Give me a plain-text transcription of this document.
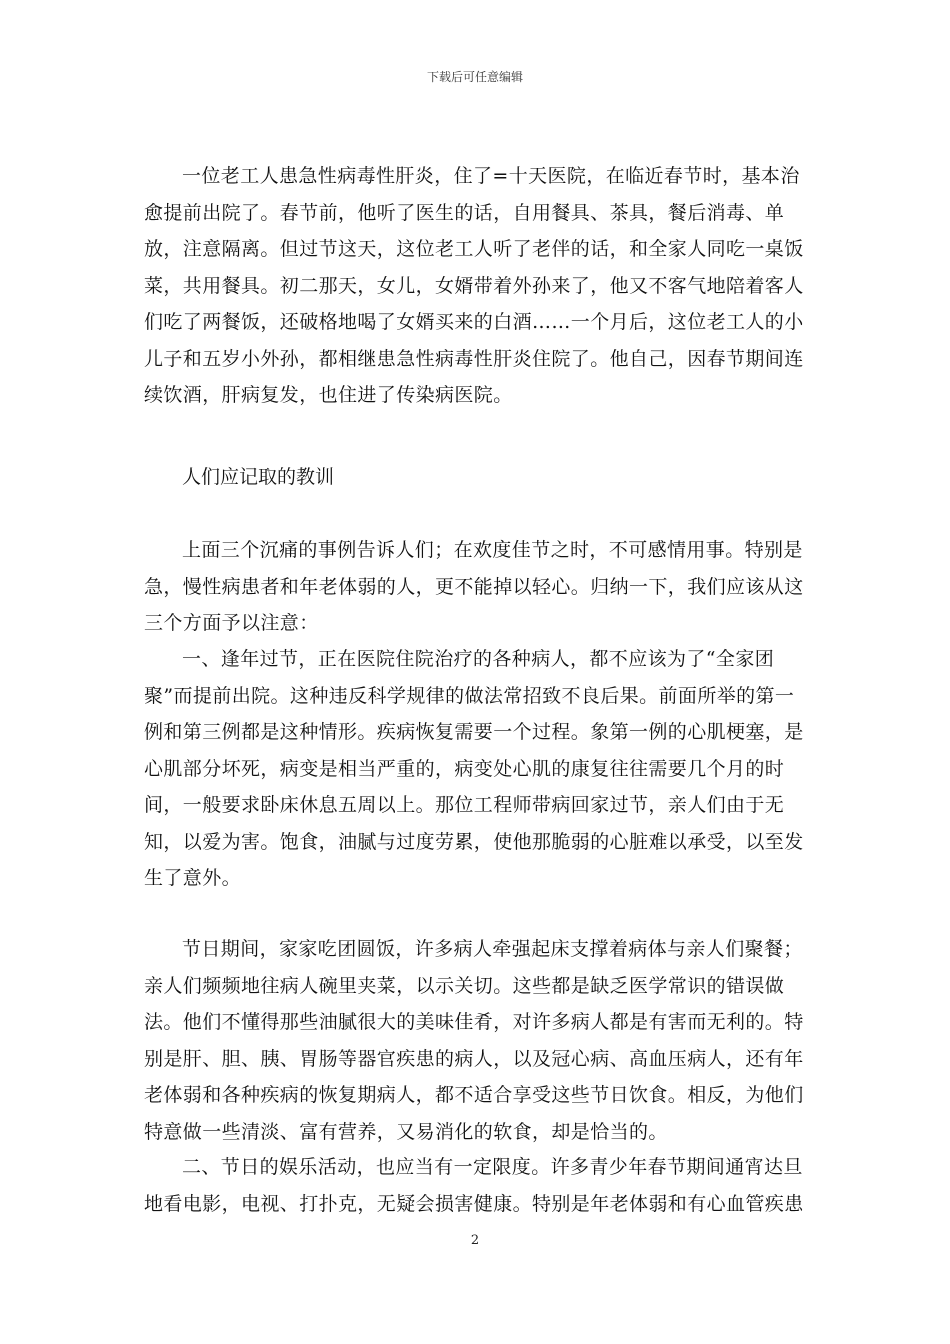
下载后可任意编辑

一位老工人患急性病毒性肝炎，住了=十天医院，在临近春节时，基本治愈提前出院了。春节前，他听了医生的话，自用餐具、茶具，餐后消毒、单放，注意隔离。但过节这天，这位老工人听了老伴的话，和全家人同吃一桌饭菜，共用餐具。初二那天，女儿，女婿带着外孙来了，他又不客气地陪着客人们吃了两餐饭，还破格地喝了女婿买来的白酒……一个月后，这位老工人的小儿子和五岁小外孙，都相继患急性病毒性肝炎住院了。他自己，因春节期间连续饮酒，肝病复发，也住进了传染病医院。

人们应记取的教训

上面三个沉痛的事例告诉人们；在欢度佳节之时，不可感情用事。特别是急，慢性病患者和年老体弱的人，更不能掉以轻心。归纳一下，我们应该从这三个方面予以注意：

一、逢年过节，正在医院住院治疗的各种病人，都不应该为了“全家团聚”而提前出院。这种违反科学规律的做法常招致不良后果。前面所举的第一例和第三例都是这种情形。疾病恢复需要一个过程。象第一例的心肌梗塞，是心肌部分坏死，病变是相当严重的，病变处心肌的康复往往需要几个月的时间，一般要求卧床休息五周以上。那位工程师带病回家过节，亲人们由于无知，以爱为害。饱食，油腻与过度劳累，使他那脆弱的心脏难以承受，以至发生了意外。

节日期间，家家吃团圆饭，许多病人牵强起床支撑着病体与亲人们聚餐；亲人们频频地往病人碗里夹菜，以示关切。这些都是缺乏医学常识的错误做法。他们不懂得那些油腻很大的美味佳肴，对许多病人都是有害而无利的。特别是肝、胆、胰、胃肠等器官疾患的病人，以及冠心病、高血压病人，还有年老体弱和各种疾病的恢复期病人，都不适合享受这些节日饮食。相反，为他们特意做一些清淡、富有营养，又易消化的软食，却是恰当的。

二、节日的娱乐活动，也应当有一定限度。许多青少年春节期间通宵达旦地看电影，电视、打扑克，无疑会损害健康。特别是年老体弱和有心血管疾患

2
